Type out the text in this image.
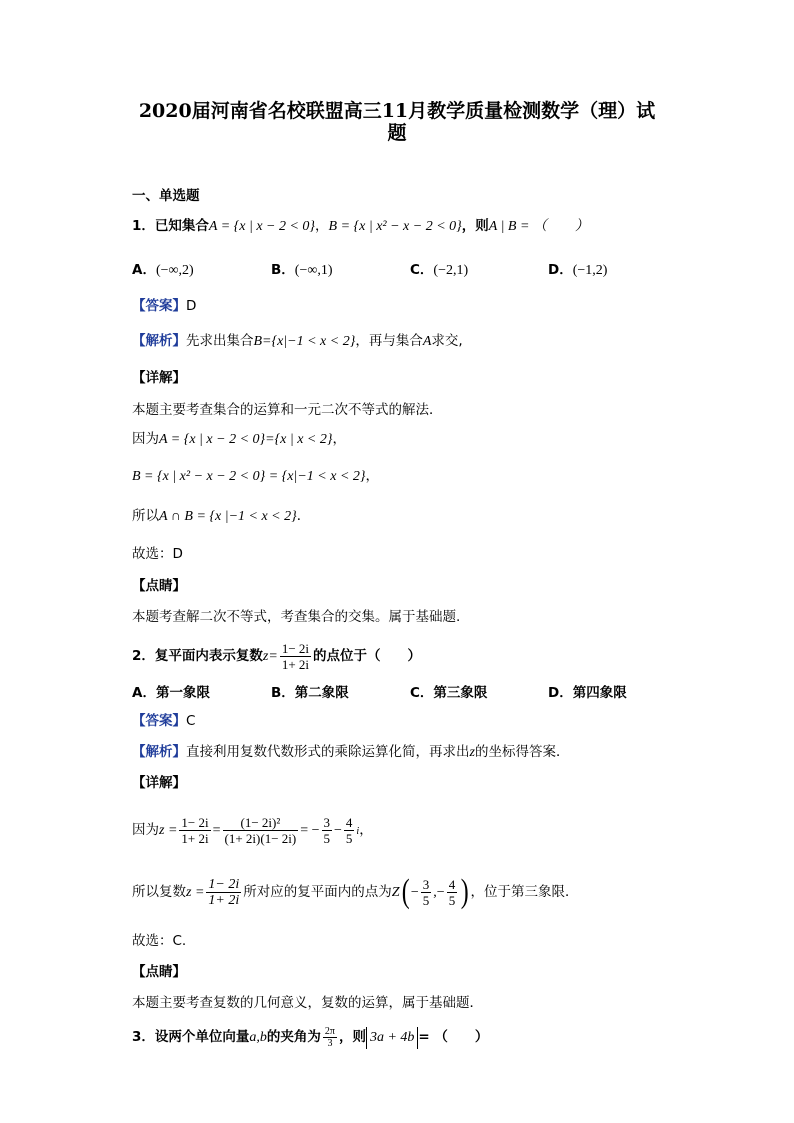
2020届河南省名校联盟高三11月教学质量检测数学（理）试
题
一、单选题
1．已知集合A = {x | x − 2 < 0}，B = {x | x² − x − 2 < 0}，则A | B = （　　）
A．(−∞,2)	B．(−∞,1)	C．(−2,1)	D．(−1,2)
【答案】D
【解析】先求出集合B={x|−1 < x < 2}，再与集合A求交,
【详解】
本题主要考查集合的运算和一元二次不等式的解法．
因为A = {x | x − 2 < 0}={x | x < 2}，
B = {x | x² − x − 2 < 0} = {x|−1 < x < 2}，
所以A ∩ B = {x |−1 < x < 2}．
故选：D
【点睛】
本题考查解二次不等式，考查集合的交集。属于基础题.
2．复平面内表示复数$z= \frac{1- 2i}{1+ 2i}$ 的点位于（　　）
A．第一象限	B．第二象限	C．第三象限	D．第四象限
【答案】C
【解析】直接利用复数代数形式的乘除运算化简，再求出z的坐标得答案．
【详解】
因为$z = \frac{1- 2i}{1+ 2i} = \frac{\text{(1− 2i)²}}{(1+ 2i)(1- 2i)}$ = − $\frac{3}{5} - \frac{4}{5}$ i，
所以复数$z = \frac{1- 2i}{1+ 2i}$ 所对应的复平面内的点为$Z( - \frac{3}{5}$ ,− $\frac{4}{5}$ ) ，位于第三象限．
故选：C.
【点睛】
本题主要考查复数的几何意义，复数的运算，属于基础题．
3．设两个单位向量a,b的夹角为 $\frac{2\pi}{3}$ ，则 3a + 4b = （　　）
